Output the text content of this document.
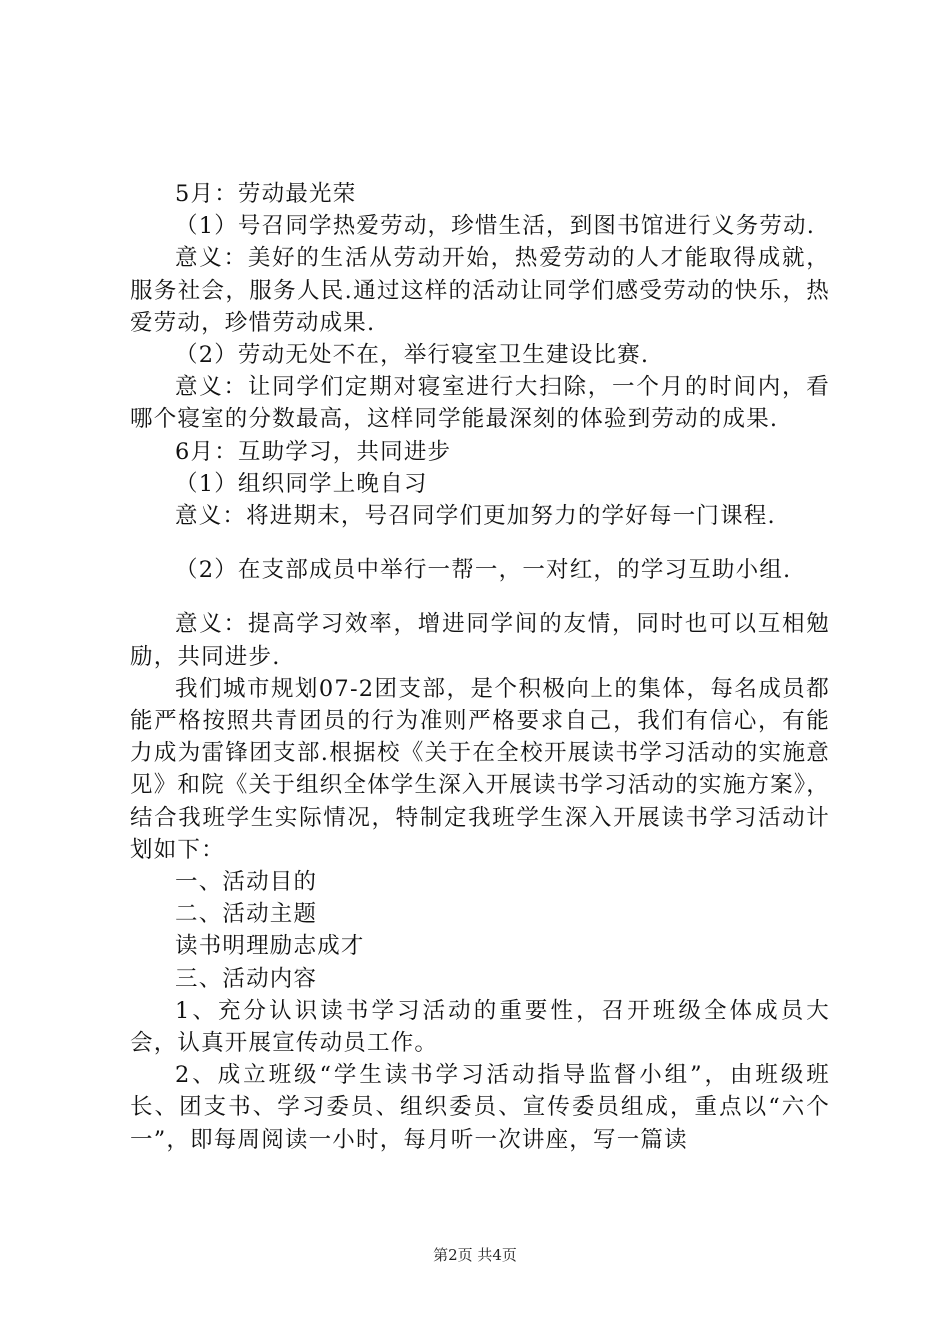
5月：劳动最光荣

（1）号召同学热爱劳动，珍惜生活，到图书馆进行义务劳动.

意义：美好的生活从劳动开始，热爱劳动的人才能取得成就，服务社会，服务人民.通过这样的活动让同学们感受劳动的快乐，热爱劳动，珍惜劳动成果.

（2）劳动无处不在，举行寝室卫生建设比赛.

意义：让同学们定期对寝室进行大扫除，一个月的时间内，看哪个寝室的分数最高，这样同学能最深刻的体验到劳动的成果.

6月：互助学习，共同进步

（1）组织同学上晚自习

意义：将进期末，号召同学们更加努力的学好每一门课程.

（2）在支部成员中举行一帮一，一对红，的学习互助小组.

意义：提高学习效率，增进同学间的友情，同时也可以互相勉励，共同进步.

我们城市规划07-2团支部，是个积极向上的集体，每名成员都能严格按照共青团员的行为准则严格要求自己，我们有信心，有能力成为雷锋团支部.根据校《关于在全校开展读书学习活动的实施意见》和院《关于组织全体学生深入开展读书学习活动的实施方案》，结合我班学生实际情况，特制定我班学生深入开展读书学习活动计划如下：

一、活动目的

二、活动主题

读书明理励志成才

三、活动内容

1、充分认识读书学习活动的重要性，召开班级全体成员大会，认真开展宣传动员工作。

2、成立班级“学生读书学习活动指导监督小组”，由班级班长、团支书、学习委员、组织委员、宣传委员组成，重点以“六个一”，即每周阅读一小时，每月听一次讲座，写一篇读

第2页 共4页
